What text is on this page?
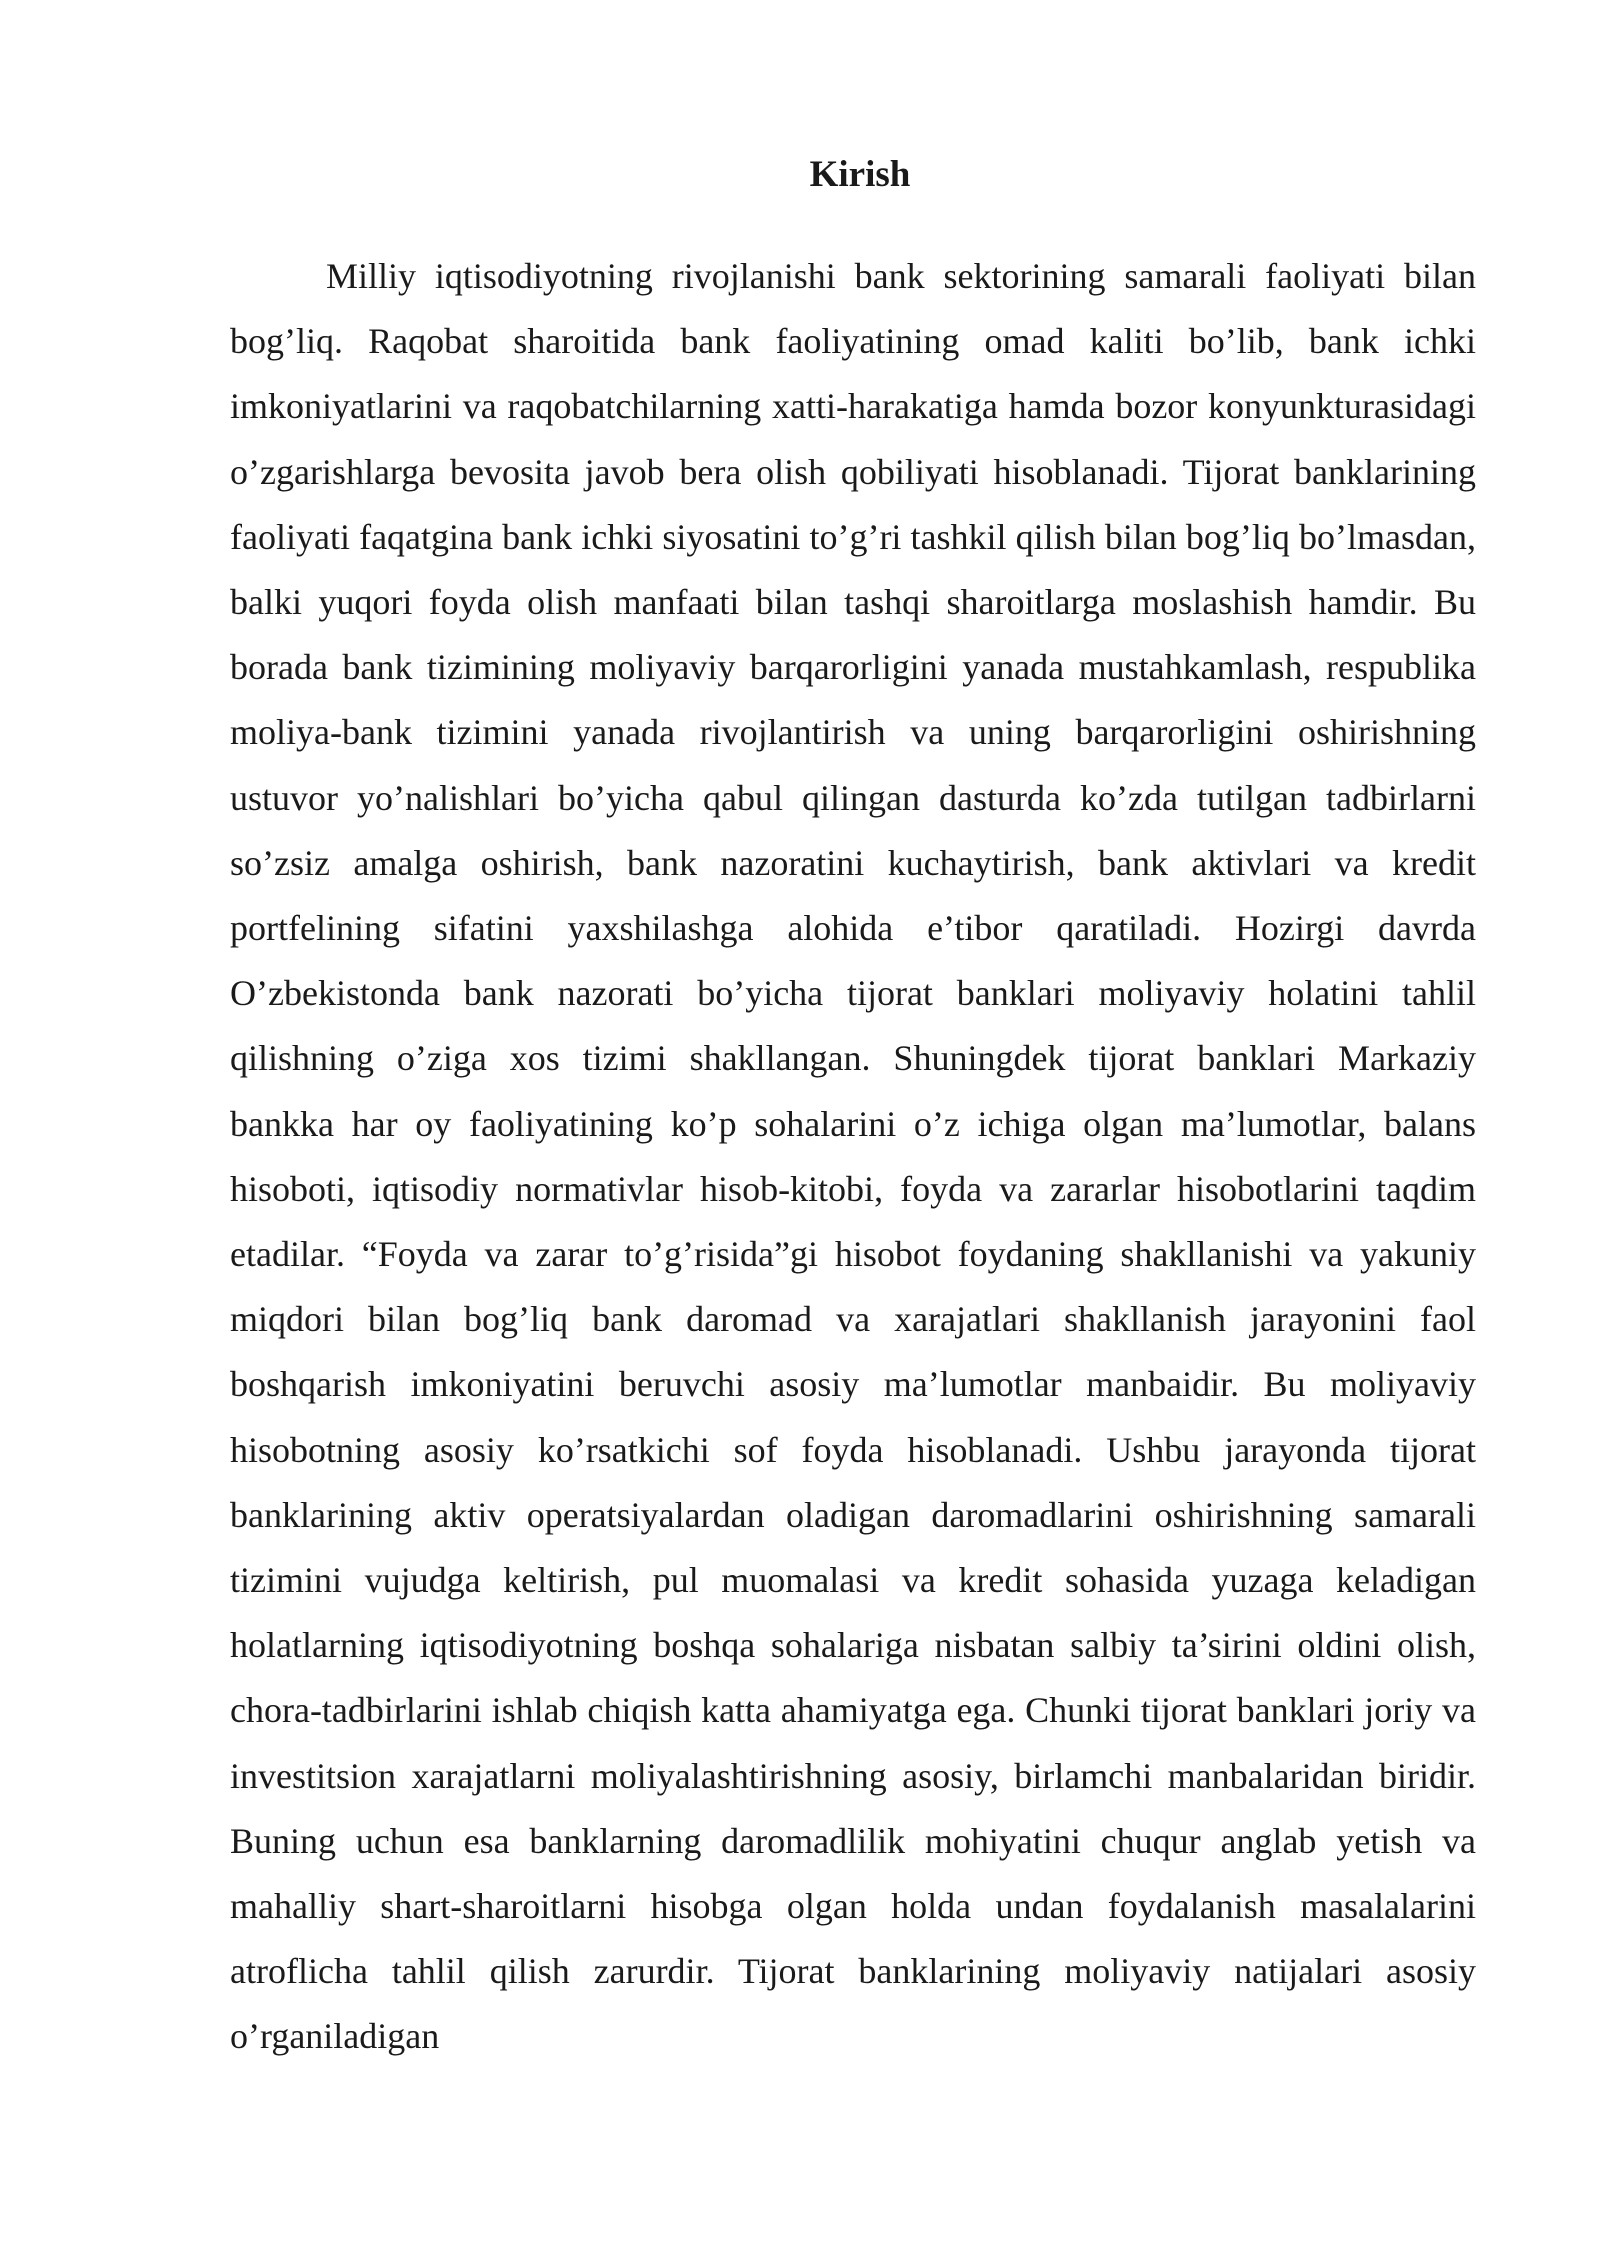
Kirish

Milliy iqtisodiyotning rivojlanishi bank sektorining samarali faoliyati bilan bog’liq. Raqobat sharoitida bank faoliyatining omad kaliti bo’lib, bank ichki imkoniyatlarini va raqobatchilarning xatti-harakatiga hamda bozor konyunkturasidagi o’zgarishlarga bevosita javob bera olish qobiliyati hisoblanadi. Tijorat banklarining faoliyati faqatgina bank ichki siyosatini to’g’ri tashkil qilish bilan bog’liq bo’lmasdan, balki yuqori foyda olish manfaati bilan tashqi sharoitlarga moslashish hamdir. Bu borada bank tizimining moliyaviy barqarorligini yanada mustahkamlash, respublika moliya-bank tizimini yanada rivojlantirish va uning barqarorligini oshirishning ustuvor yo’nalishlari bo’yicha qabul qilingan dasturda ko’zda tutilgan tadbirlarni so’zsiz amalga oshirish, bank nazoratini kuchaytirish, bank aktivlari va kredit portfelining sifatini yaxshilashga alohida e’tibor qaratiladi. Hozirgi davrda O’zbekistonda bank nazorati bo’yicha tijorat banklari moliyaviy holatini tahlil qilishning o’ziga xos tizimi shakllangan. Shuningdek tijorat banklari Markaziy bankka har oy faoliyatining ko’p sohalarini o’z ichiga olgan ma’lumotlar, balans hisoboti, iqtisodiy normativlar hisob-kitobi, foyda va zararlar hisobotlarini taqdim etadilar. “Foyda va zarar to’g’risida”gi hisobot foydaning shakllanishi va yakuniy miqdori bilan bog’liq bank daromad va xarajatlari shakllanish jarayonini faol boshqarish imkoniyatini beruvchi asosiy ma’lumotlar manbaidir. Bu moliyaviy hisobotning asosiy ko’rsatkichi sof foyda hisoblanadi. Ushbu jarayonda tijorat banklarining aktiv operatsiyalardan oladigan daromadlarini oshirishning samarali tizimini vujudga keltirish, pul muomalasi va kredit sohasida yuzaga keladigan holatlarning iqtisodiyotning boshqa sohalariga nisbatan salbiy ta’sirini oldini olish, chora-tadbirlarini ishlab chiqish katta ahamiyatga ega. Chunki tijorat banklari joriy va investitsion xarajatlarni moliyalashtirishning asosiy, birlamchi manbalaridan biridir. Buning uchun esa banklarning daromadlilik mohiyatini chuqur anglab yetish va mahalliy shart-sharoitlarni hisobga olgan holda undan foydalanish masalalarini atroflicha tahlil qilish zarurdir. Tijorat banklarining moliyaviy natijalari asosiy o’rganiladigan
